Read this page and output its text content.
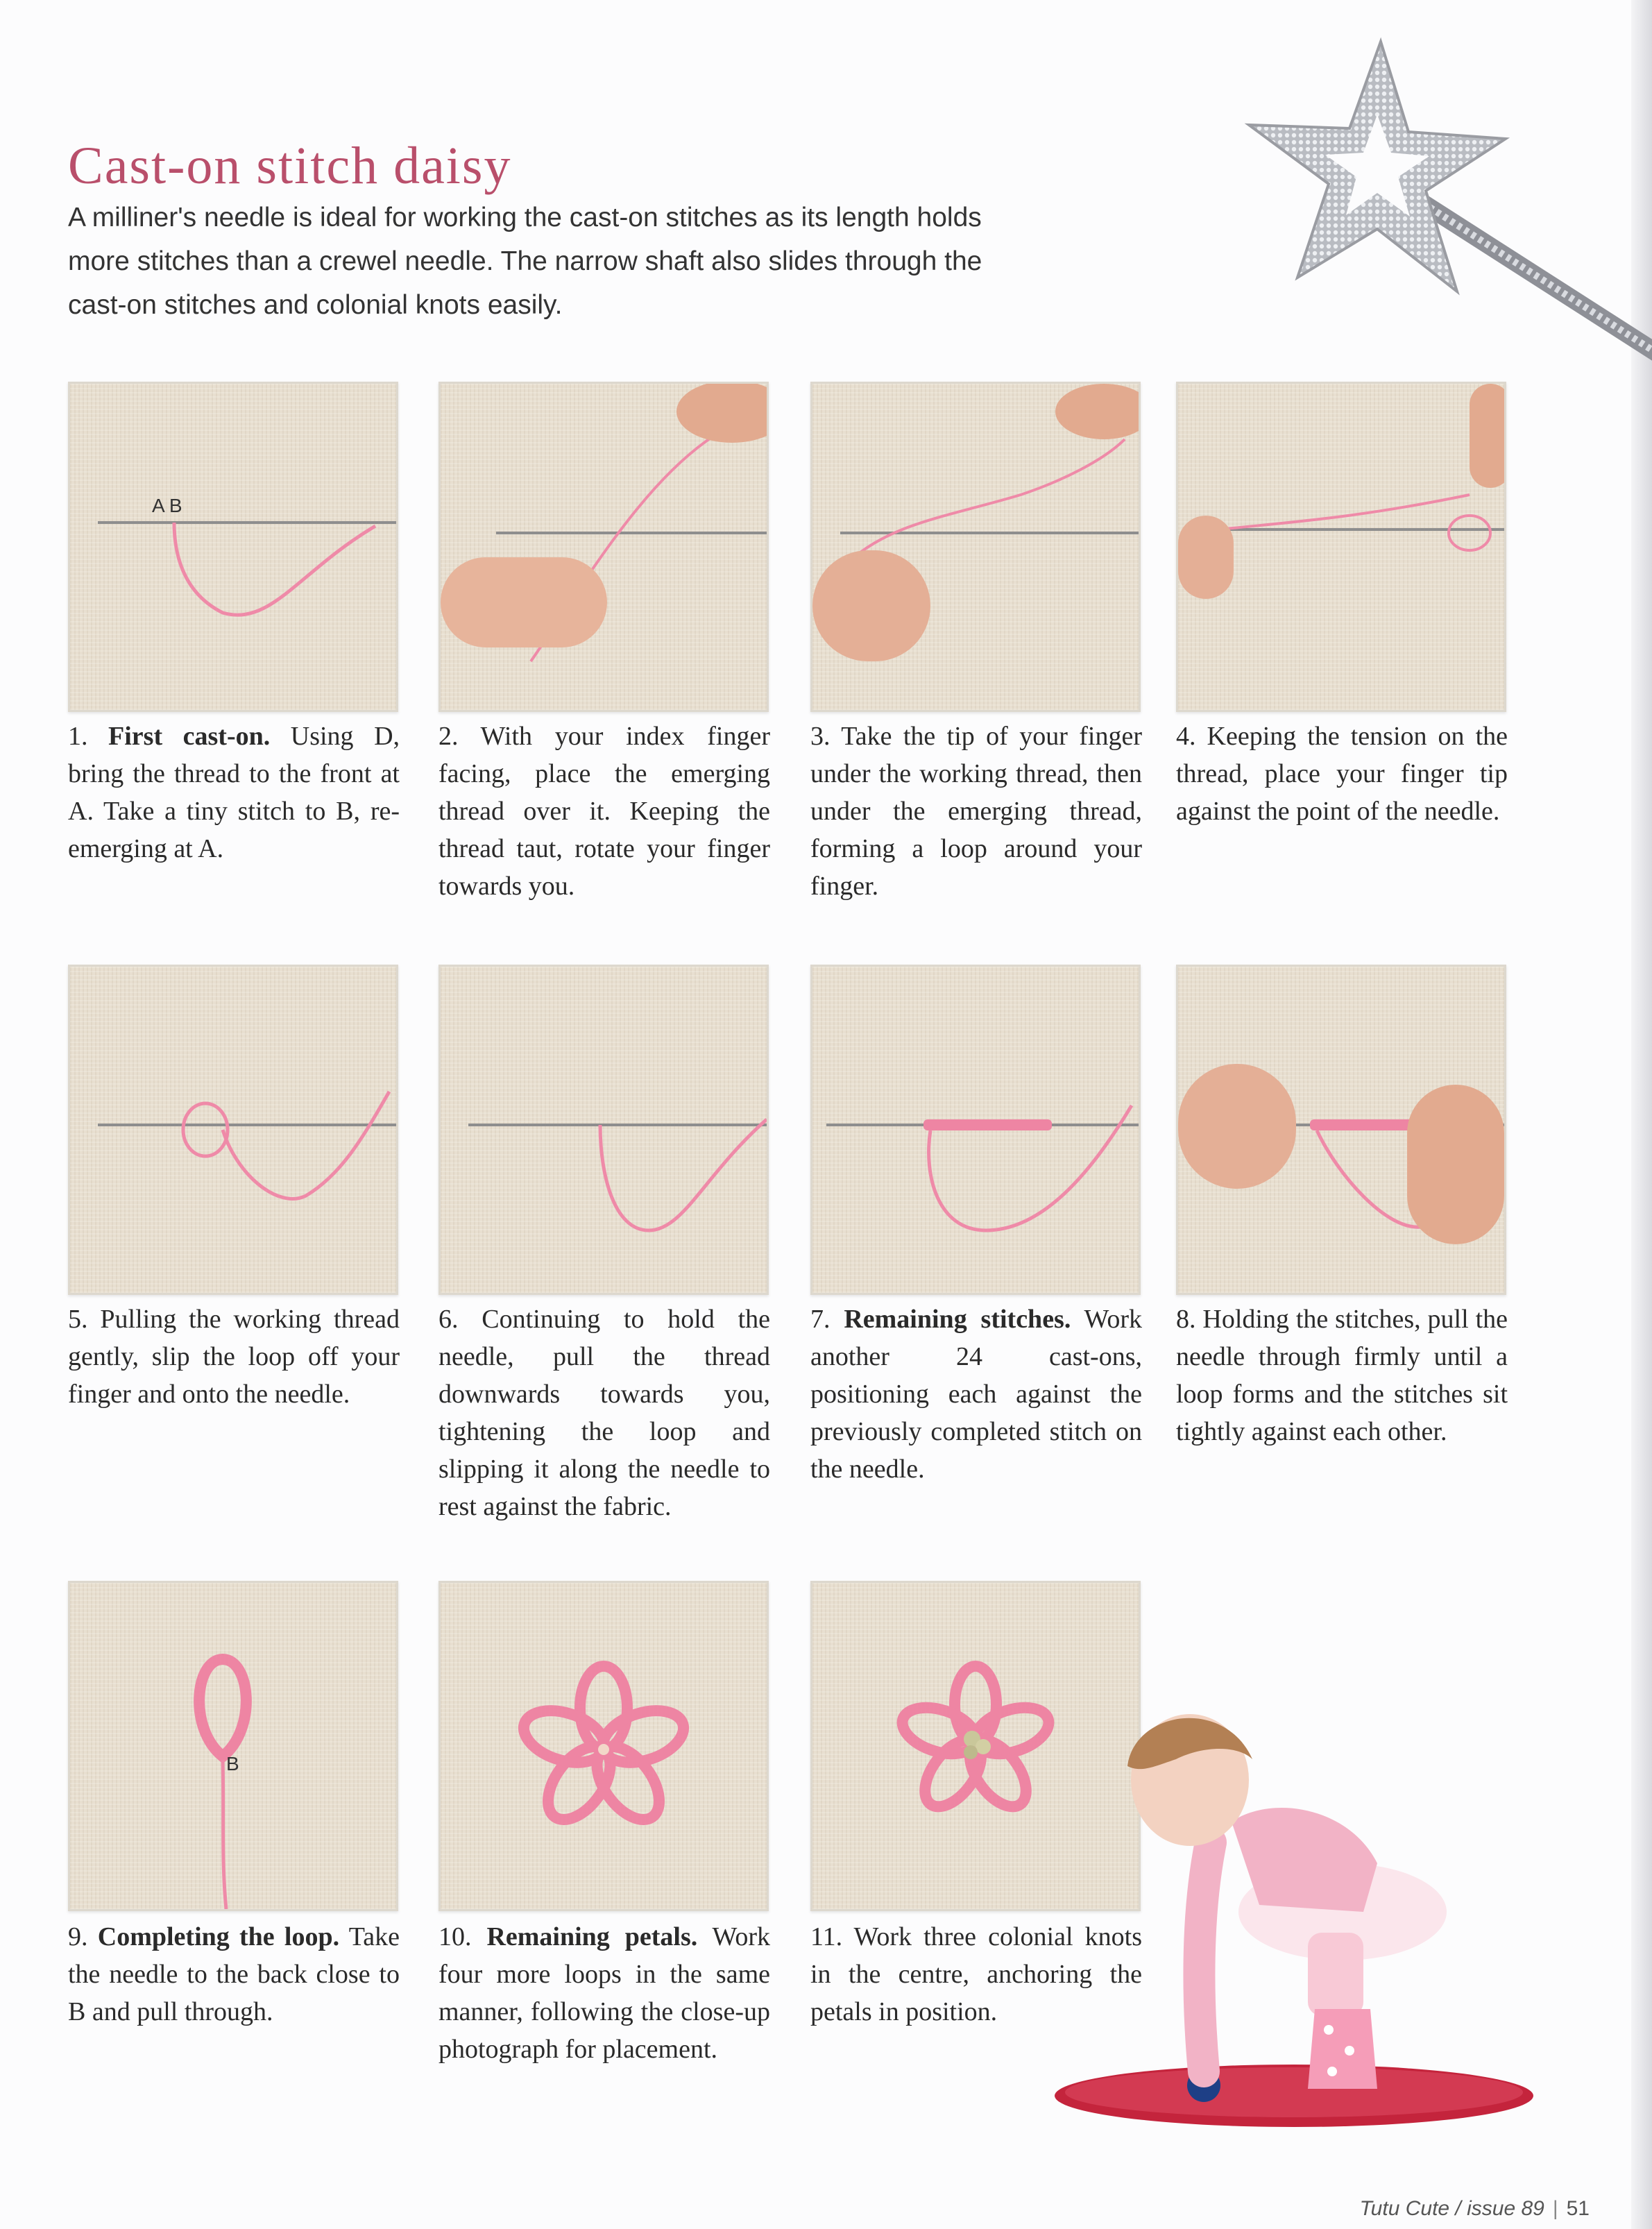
Cast-on stitch daisy

A milliner's needle is ideal for working the cast-on stitches as its length holds more stitches than a crewel needle. The narrow shaft also slides through the cast-on stitches and colonial knots easily.

A B

1. First cast-on. Using D, bring the thread to the front at A. Take a tiny stitch to B, re-emerging at A.

2. With your index finger facing, place the emerging thread over it. Keeping the thread taut, rotate your finger towards you.

3. Take the tip of your finger under the working thread, then under the emerging thread, forming a loop around your finger.

4. Keeping the tension on the thread, place your finger tip against the point of the needle.

5. Pulling the working thread gently, slip the loop off your finger and onto the needle.

6. Continuing to hold the needle, pull the thread downwards towards you, tightening the loop and slipping it along the needle to rest against the fabric.

7. Remaining stitches. Work another 24 cast-ons, positioning each against the previously completed stitch on the needle.

8. Holding the stitches, pull the needle through firmly until a loop forms and the stitches sit tightly against each other.

B

9. Completing the loop. Take the needle to the back close to B and pull through.

10. Remaining petals. Work four more loops in the same manner, following the close-up photograph for placement.

11. Work three colonial knots in the centre, anchoring the petals in position.

Tutu Cute / issue 89 | 51
